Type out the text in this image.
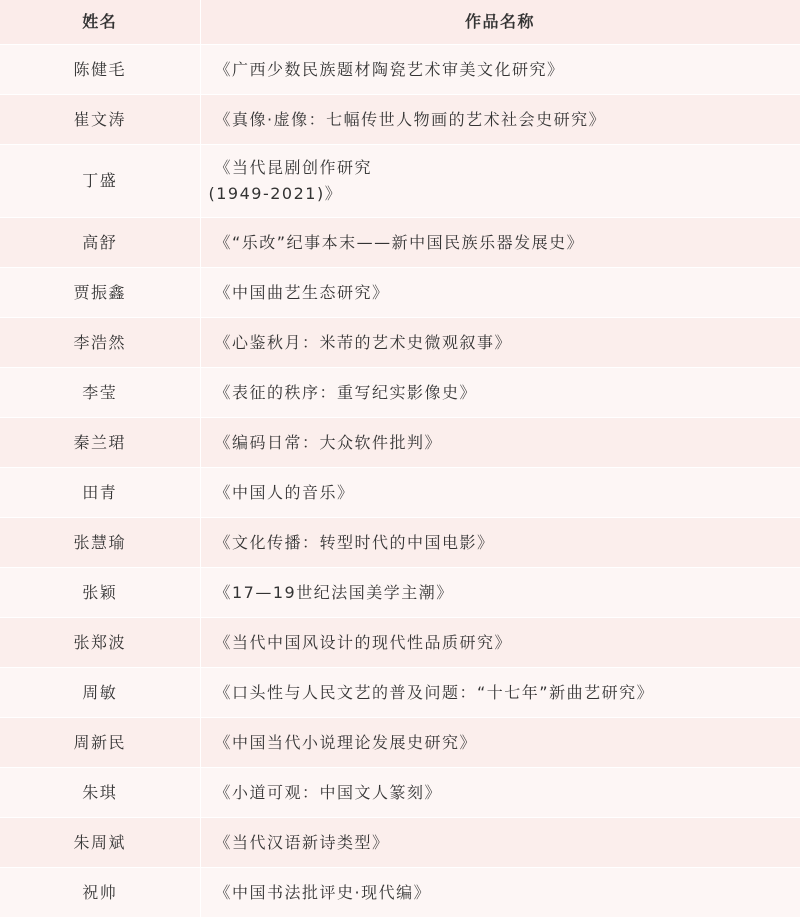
姓名	作品名称
陈健毛	《广西少数民族题材陶瓷艺术审美文化研究》
崔文涛	《真像·虚像：七幅传世人物画的艺术社会史研究》
丁盛	《当代昆剧创作研究
(1949-2021)》

高舒	《“乐改”纪事本末——新中国民族乐器发展史》
贾振鑫	《中国曲艺生态研究》
李浩然	《心鉴秋月：米芾的艺术史微观叙事》
李莹	《表征的秩序：重写纪实影像史》
秦兰珺	《编码日常：大众软件批判》
田青	《中国人的音乐》
张慧瑜	《文化传播：转型时代的中国电影》
张颖	《17—19世纪法国美学主潮》
张郑波	《当代中国风设计的现代性品质研究》
周敏	《口头性与人民文艺的普及问题：“十七年”新曲艺研究》
周新民	《中国当代小说理论发展史研究》
朱琪	《小道可观：中国文人篆刻》
朱周斌	《当代汉语新诗类型》
祝帅	《中国书法批评史·现代编》
